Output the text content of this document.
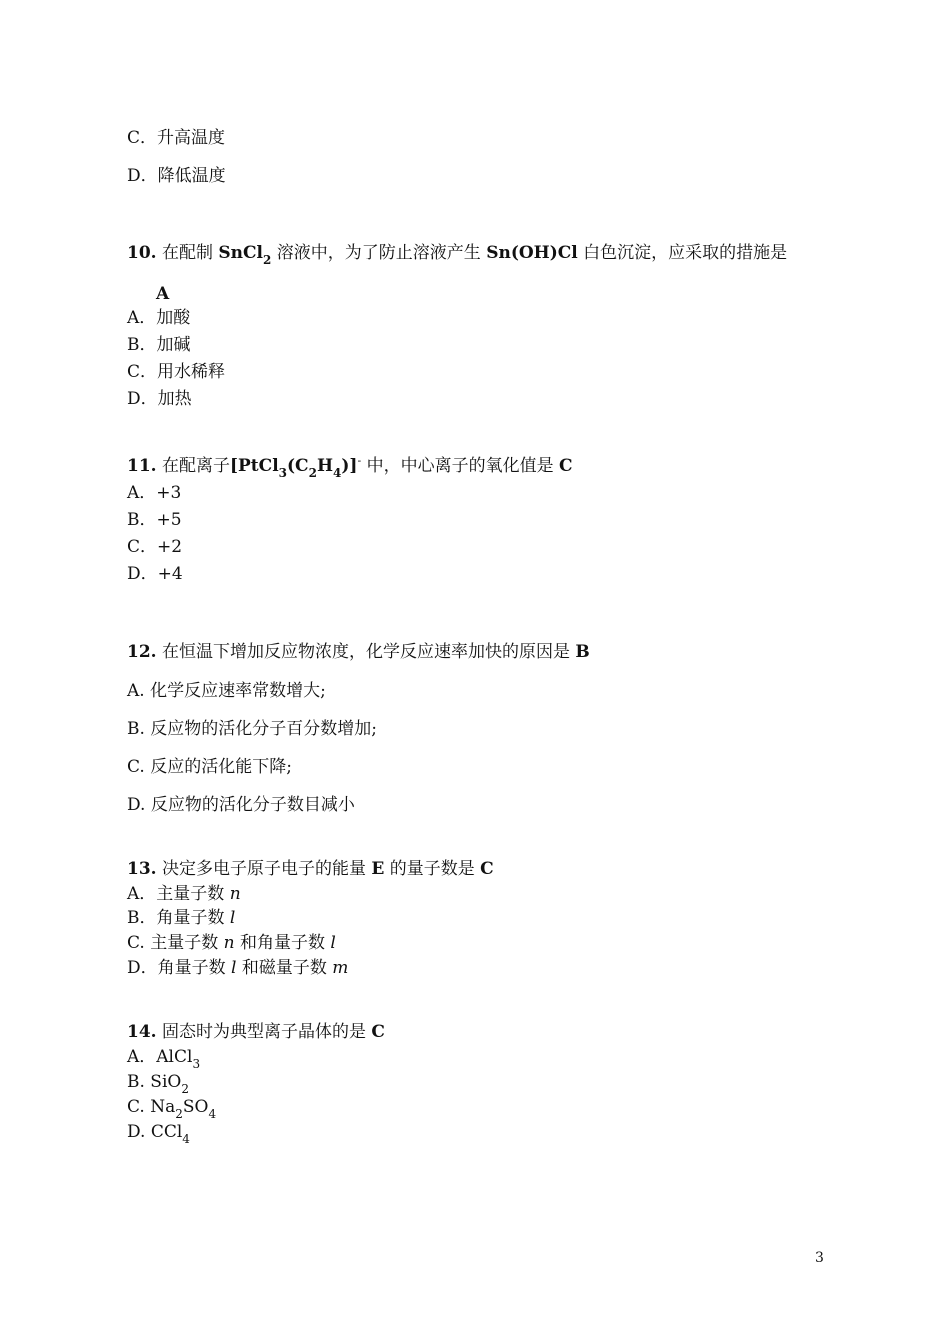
C．升高温度
D．降低温度
10. 在配制 SnCl$_2$ 溶液中，为了防止溶液产生 Sn(OH)Cl 白色沉淀，应采取的措施是
A
A．加酸
B．加碱
C．用水稀释
D．加热
11. 在配离子$[PtCl_3(C_2H_4)]^-$ 中，中心离子的氧化值是 C
A．+3
B．+5
C．+2
D．+4
12. 在恒温下增加反应物浓度，化学反应速率加快的原因是 B
A. 化学反应速率常数增大;
B. 反应物的活化分子百分数增加;
C. 反应的活化能下降;
D. 反应物的活化分子数目减小
13. 决定多电子原子电子的能量 E 的量子数是 C
A．主量子数 n
B．角量子数 l
C. 主量子数 n 和角量子数 l
D．角量子数 l 和磁量子数 m
14. 固态时为典型离子晶体的是 C
A．AlCl$_3$
B. SiO$_2$
C. $Na_2SO_4$
D. CCl$_4$
3
